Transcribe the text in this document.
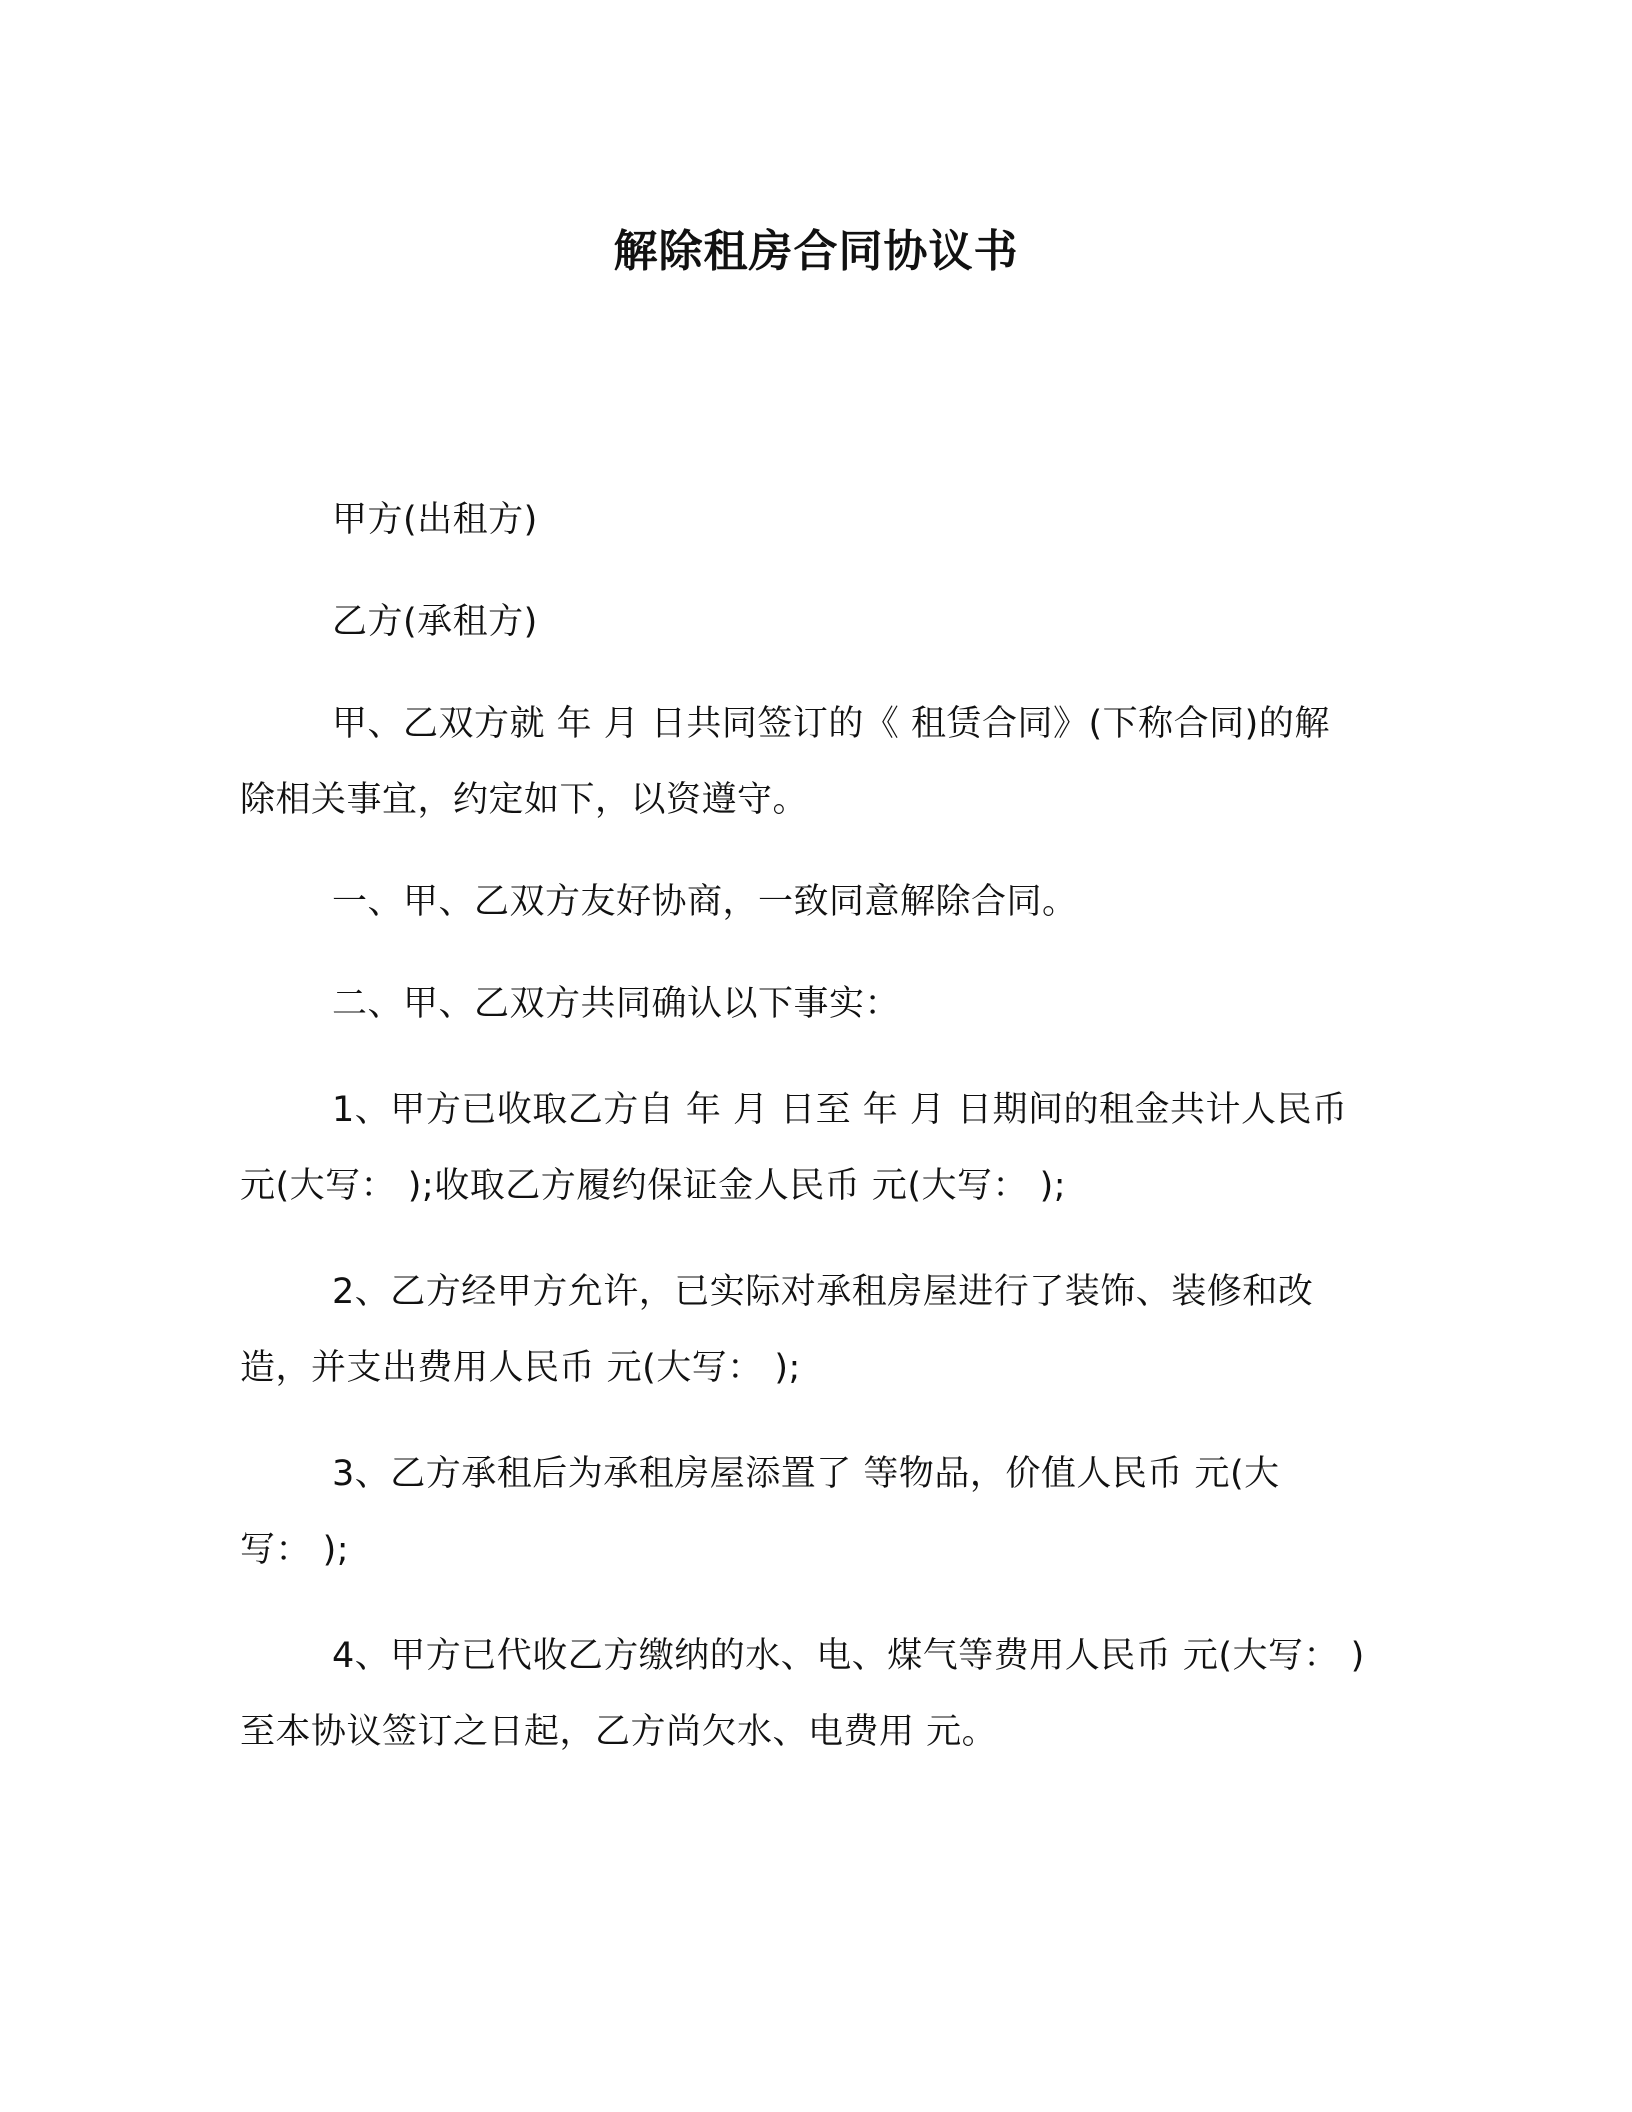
解除租房合同协议书
甲方(出租方)
乙方(承租方)
甲、乙双方就 年 月 日共同签订的《 租赁合同》(下称合同)的解
除相关事宜，约定如下，以资遵守。
一、甲、乙双方友好协商，一致同意解除合同。
二、甲、乙双方共同确认以下事实：
1、甲方已收取乙方自 年 月 日至 年 月 日期间的租金共计人民币
元(大写： );收取乙方履约保证金人民币 元(大写： );
2、乙方经甲方允许，已实际对承租房屋进行了装饰、装修和改
造，并支出费用人民币 元(大写： );
3、乙方承租后为承租房屋添置了 等物品，价值人民币 元(大
写： );
4、甲方已代收乙方缴纳的水、电、煤气等费用人民币 元(大写： )
至本协议签订之日起，乙方尚欠水、电费用 元。
